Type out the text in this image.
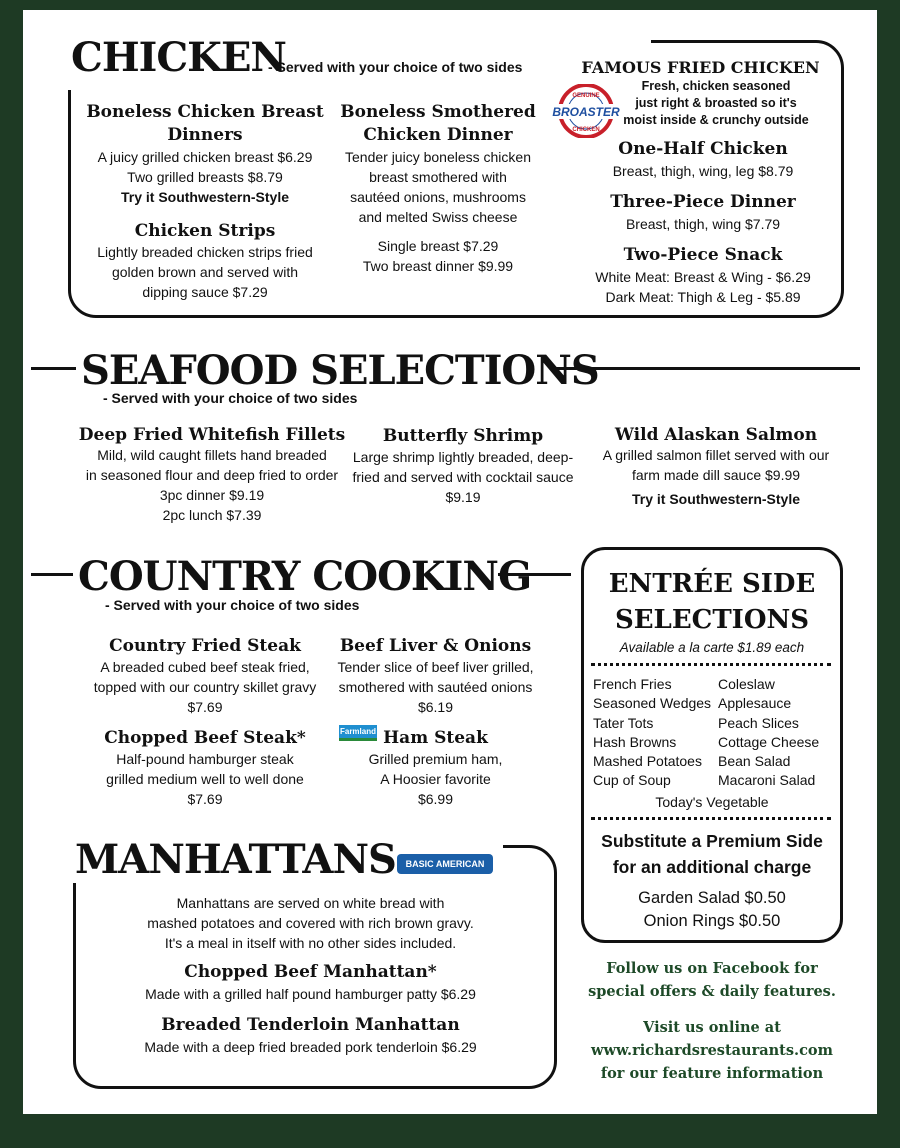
CHICKEN
- Served with your choice of two sides
Boneless Chicken Breast Dinners
A juicy grilled chicken breast $6.29
Two grilled breasts $8.79
Try it Southwestern-Style
Chicken Strips
Lightly breaded chicken strips fried
golden brown and served with
dipping sauce $7.29
Boneless Smothered Chicken Dinner
Tender juicy boneless chicken
breast smothered with
sautéed onions, mushrooms
and melted Swiss cheese
Single breast $7.29
Two breast dinner $9.99
FAMOUS FRIED CHICKEN
GENUINE
BROASTER
CHICKEN
Fresh, chicken seasoned
just right & broasted so it's
moist inside & crunchy outside
One-Half Chicken
Breast, thigh, wing, leg $8.79
Three-Piece Dinner
Breast, thigh, wing $7.79
Two-Piece Snack
White Meat: Breast & Wing - $6.29
Dark Meat: Thigh & Leg - $5.89
SEAFOOD SELECTIONS
- Served with your choice of two sides
Deep Fried Whitefish Fillets
Mild, wild caught fillets hand breaded
in seasoned flour and deep fried to order
3pc dinner $9.19
2pc lunch $7.39
Butterfly Shrimp
Large shrimp lightly breaded, deep-
fried and served with cocktail sauce
$9.19
Wild Alaskan Salmon
A grilled salmon fillet served with our
farm made dill sauce $9.99
Try it Southwestern-Style
COUNTRY COOKING
- Served with your choice of two sides
Country Fried Steak
A breaded cubed beef steak fried,
topped with our country skillet gravy
$7.69
Beef Liver & Onions
Tender slice of beef liver grilled,
smothered with sautéed onions
$6.19
Chopped Beef Steak*
Half-pound hamburger steak
grilled medium well to well done
$7.69
Farmland Ham Steak
Grilled premium ham,
A Hoosier favorite
$6.99
ENTRÉE SIDE
SELECTIONS
Available a la carte $1.89 each
French Fries
Seasoned Wedges
Tater Tots
Hash Browns
Mashed Potatoes
Cup of Soup
Coleslaw
Applesauce
Peach Slices
Cottage Cheese
Bean Salad
Macaroni Salad
Today's Vegetable
Substitute a Premium Side
for an additional charge
Garden Salad $0.50
Onion Rings $0.50
MANHATTANS	BASIC AMERICAN FOODS
Manhattans are served on white bread with
mashed potatoes and covered with rich brown gravy.
It's a meal in itself with no other sides included.
Chopped Beef Manhattan*
Made with a grilled half pound hamburger patty $6.29
Breaded Tenderloin Manhattan
Made with a deep fried breaded pork tenderloin $6.29
Follow us on Facebook for
special offers & daily features.
Visit us online at
www.richardsrestaurants.com
for our feature information
